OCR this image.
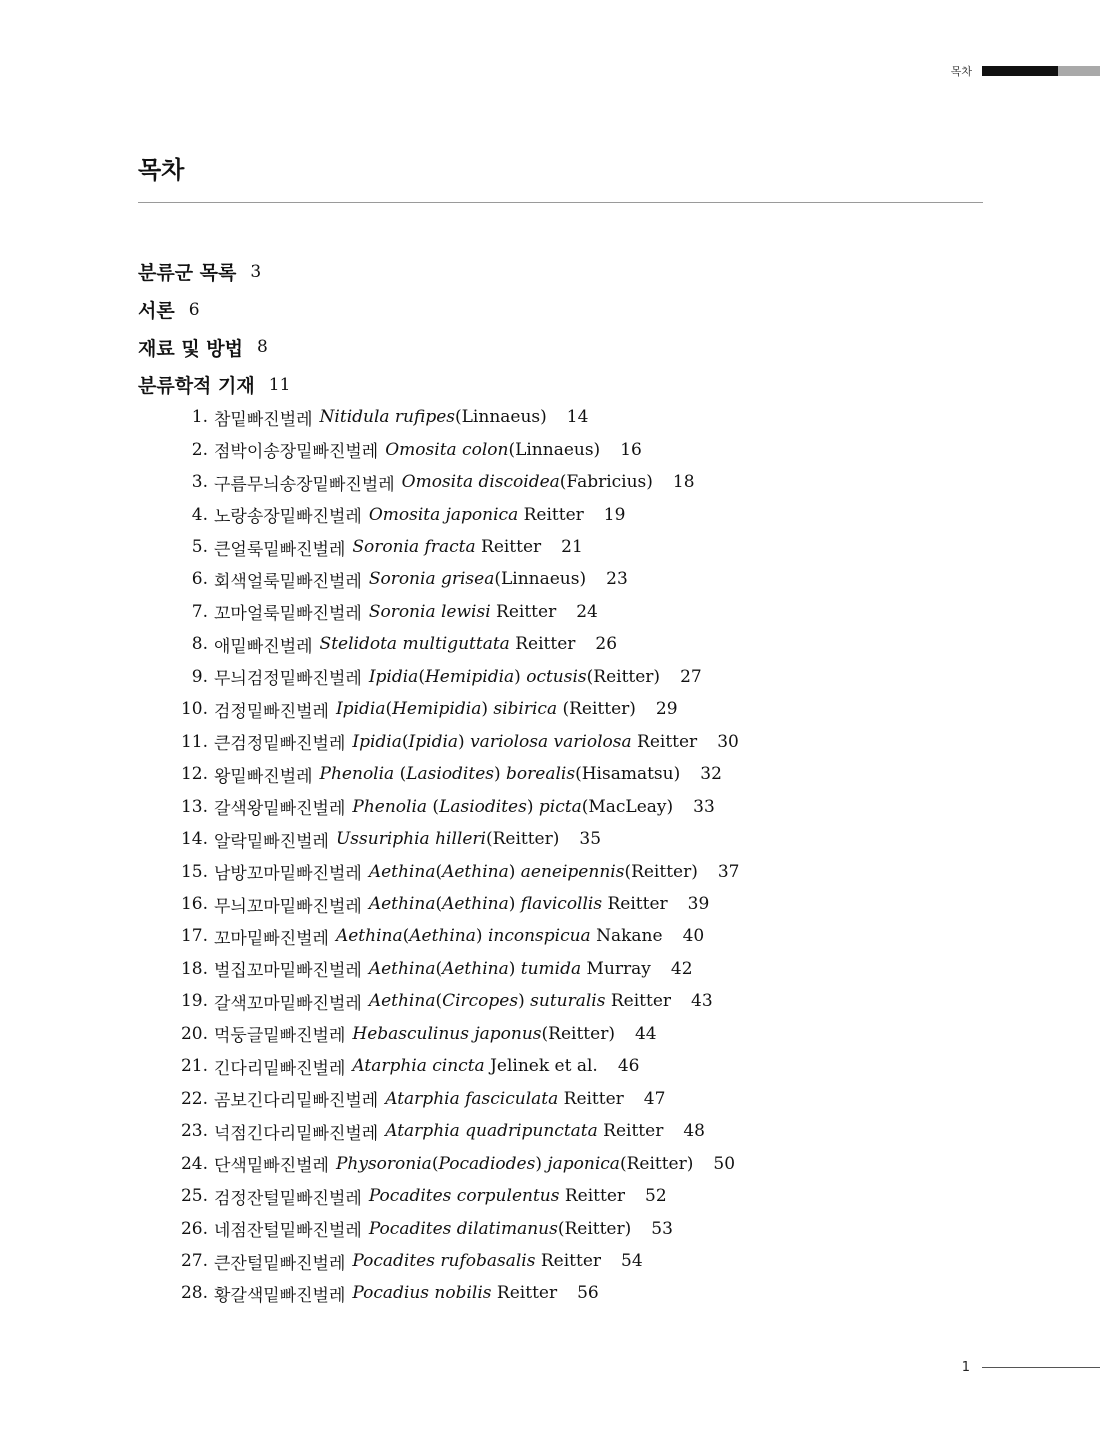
목차
목차
분류군 목록 3
서론 6
재료 및 방법 8
분류학적 기재 11
1. 참밑빠진벌레 Nitidula rufipes(Linnaeus) 14
2. 점박이송장밑빠진벌레 Omosita colon(Linnaeus) 16
3. 구름무늬송장밑빠진벌레 Omosita discoidea(Fabricius) 18
4. 노랑송장밑빠진벌레 Omosita japonica Reitter 19
5. 큰얼룩밑빠진벌레 Soronia fracta Reitter 21
6. 회색얼룩밑빠진벌레 Soronia grisea(Linnaeus) 23
7. 꼬마얼룩밑빠진벌레 Soronia lewisi Reitter 24
8. 애밑빠진벌레 Stelidota multiguttata Reitter 26
9. 무늬검정밑빠진벌레 Ipidia(Hemipidia) octusis(Reitter) 27
10. 검정밑빠진벌레 Ipidia(Hemipidia) sibirica (Reitter) 29
11. 큰검정밑빠진벌레 Ipidia(Ipidia) variolosa variolosa Reitter 30
12. 왕밑빠진벌레 Phenolia (Lasiodites) borealis(Hisamatsu) 32
13. 갈색왕밑빠진벌레 Phenolia (Lasiodites) picta(MacLeay) 33
14. 알락밑빠진벌레 Ussuriphia hilleri(Reitter) 35
15. 남방꼬마밑빠진벌레 Aethina(Aethina) aeneipennis(Reitter) 37
16. 무늬꼬마밑빠진벌레 Aethina(Aethina) flavicollis Reitter 39
17. 꼬마밑빠진벌레 Aethina(Aethina) inconspicua Nakane 40
18. 벌집꼬마밑빠진벌레 Aethina(Aethina) tumida Murray 42
19. 갈색꼬마밑빠진벌레 Aethina(Circopes) suturalis Reitter 43
20. 먹둥글밑빠진벌레 Hebasculinus japonus(Reitter) 44
21. 긴다리밑빠진벌레 Atarphia cincta Jelinek et al. 46
22. 곰보긴다리밑빠진벌레 Atarphia fasciculata Reitter 47
23. 넉점긴다리밑빠진벌레 Atarphia quadripunctata Reitter 48
24. 단색밑빠진벌레 Physoronia(Pocadiodes) japonica(Reitter) 50
25. 검정잔털밑빠진벌레 Pocadites corpulentus Reitter 52
26. 네점잔털밑빠진벌레 Pocadites dilatimanus(Reitter) 53
27. 큰잔털밑빠진벌레 Pocadites rufobasalis Reitter 54
28. 황갈색밑빠진벌레 Pocadius nobilis Reitter 56
1
